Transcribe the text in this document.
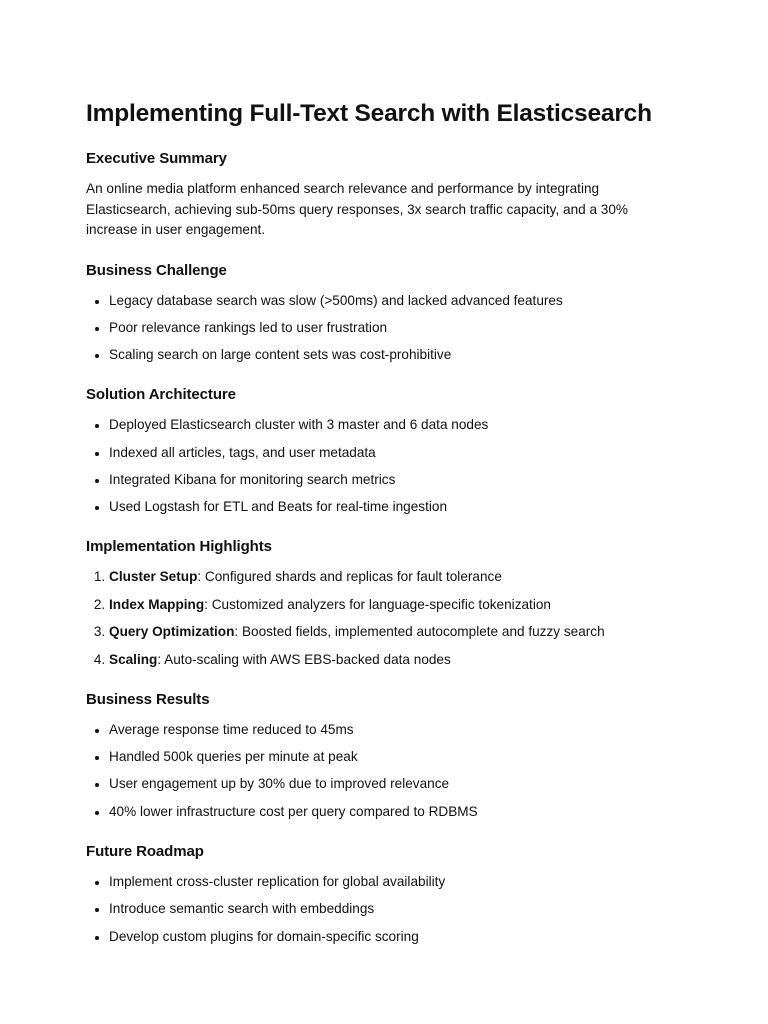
Implementing Full-Text Search with Elasticsearch
Executive Summary

An online media platform enhanced search relevance and performance by integrating Elasticsearch, achieving sub-50ms query responses, 3x search traffic capacity, and a 30% increase in user engagement.

Business Challenge
• Legacy database search was slow (>500ms) and lacked advanced features
• Poor relevance rankings led to user frustration
• Scaling search on large content sets was cost-prohibitive
Solution Architecture
• Deployed Elasticsearch cluster with 3 master and 6 data nodes
• Indexed all articles, tags, and user metadata
• Integrated Kibana for monitoring search metrics
• Used Logstash for ETL and Beats for real-time ingestion
Implementation Highlights
1. Cluster Setup: Configured shards and replicas for fault tolerance
2. Index Mapping: Customized analyzers for language-specific tokenization
3. Query Optimization: Boosted fields, implemented autocomplete and fuzzy search
4. Scaling: Auto-scaling with AWS EBS-backed data nodes
Business Results
• Average response time reduced to 45ms
• Handled 500k queries per minute at peak
• User engagement up by 30% due to improved relevance
• 40% lower infrastructure cost per query compared to RDBMS
Future Roadmap
• Implement cross-cluster replication for global availability
• Introduce semantic search with embeddings
• Develop custom plugins for domain-specific scoring
